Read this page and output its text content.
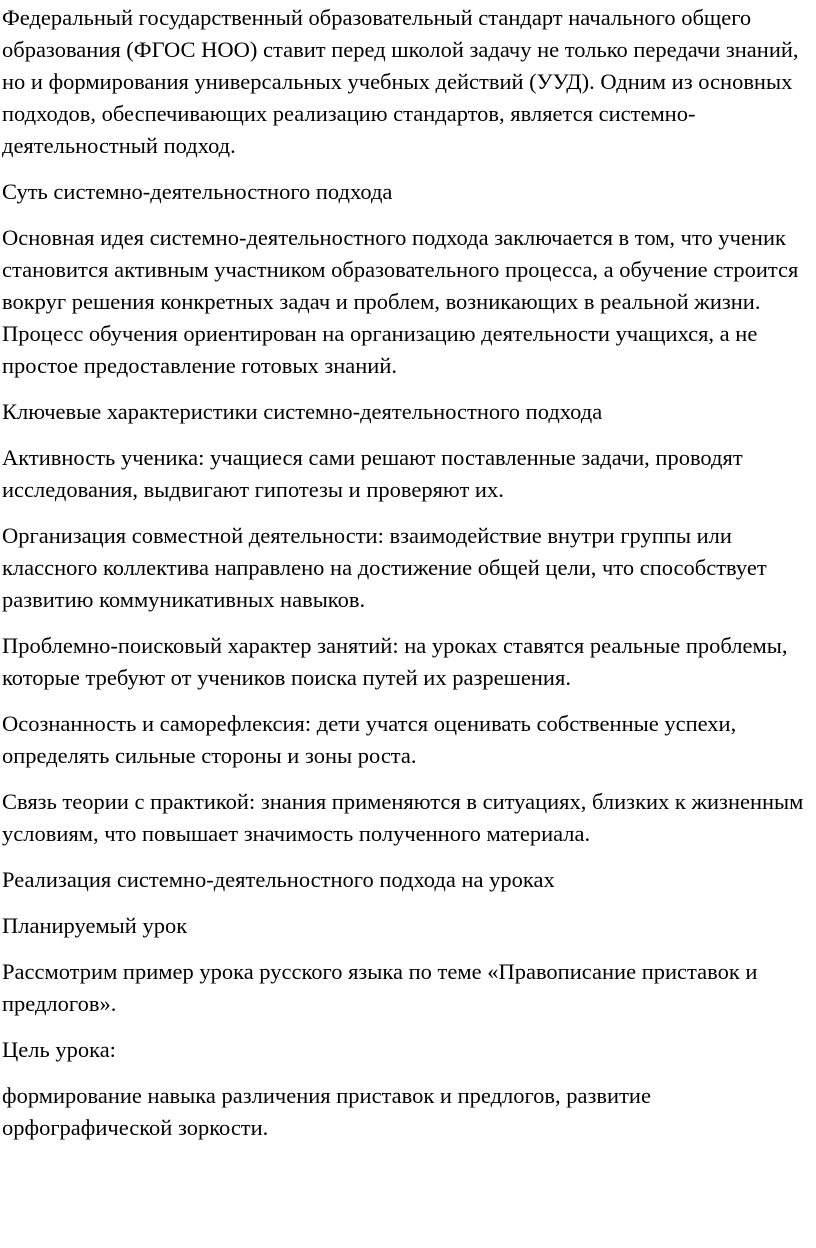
Федеральный государственный образовательный стандарт начального общего образования (ФГОС НОО) ставит перед школой задачу не только передачи знаний, но и формирования универсальных учебных действий (УУД). Одним из основных подходов, обеспечивающих реализацию стандартов, является системно-деятельностный подход.

Суть системно-деятельностного подхода

Основная идея системно-деятельностного подхода заключается в том, что ученик становится активным участником образовательного процесса, а обучение строится вокруг решения конкретных задач и проблем, возникающих в реальной жизни. Процесс обучения ориентирован на организацию деятельности учащихся, а не простое предоставление готовых знаний.

Ключевые характеристики системно-деятельностного подхода

Активность ученика: учащиеся сами решают поставленные задачи, проводят исследования, выдвигают гипотезы и проверяют их.

Организация совместной деятельности: взаимодействие внутри группы или классного коллектива направлено на достижение общей цели, что способствует развитию коммуникативных навыков.

Проблемно-поисковый характер занятий: на уроках ставятся реальные проблемы, которые требуют от учеников поиска путей их разрешения.

Осознанность и саморефлексия: дети учатся оценивать собственные успехи, определять сильные стороны и зоны роста.

Связь теории с практикой: знания применяются в ситуациях, близких к жизненным условиям, что повышает значимость полученного материала.

Реализация системно-деятельностного подхода на уроках

Планируемый урок

Рассмотрим пример урока русского языка по теме «Правописание приставок и предлогов».

Цель урока:

формирование навыка различения приставок и предлогов, развитие орфографической зоркости.
